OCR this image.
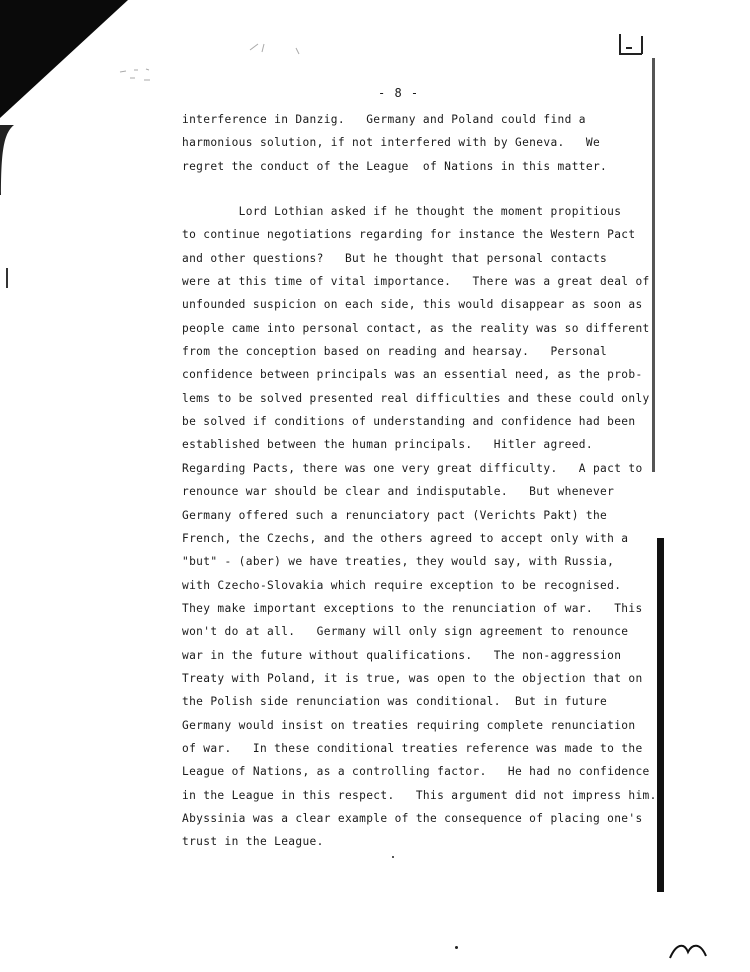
- 8 -
interference in Danzig.   Germany and Poland could find a
harmonious solution, if not interfered with by Geneva.   We
regret the conduct of the League  of Nations in this matter.
Lord Lothian asked if he thought the moment propitious
to continue negotiations regarding for instance the Western Pact
and other questions?   But he thought that personal contacts
were at this time of vital importance.   There was a great deal of
unfounded suspicion on each side, this would disappear as soon as
people came into personal contact, as the reality was so different
from the conception based on reading and hearsay.   Personal
confidence between principals was an essential need, as the prob-
lems to be solved presented real difficulties and these could only
be solved if conditions of understanding and confidence had been
established between the human principals.   Hitler agreed.
Regarding Pacts, there was one very great difficulty.   A pact to
renounce war should be clear and indisputable.   But whenever
Germany offered such a renunciatory pact (Verichts Pakt) the
French, the Czechs, and the others agreed to accept only with a
"but" - (aber) we have treaties, they would say, with Russia,
with Czecho-Slovakia which require exception to be recognised.
They make important exceptions to the renunciation of war.   This
won't do at all.   Germany will only sign agreement to renounce
war in the future without qualifications.   The non-aggression
Treaty with Poland, it is true, was open to the objection that on
the Polish side renunciation was conditional.  But in future
Germany would insist on treaties requiring complete renunciation
of war.   In these conditional treaties reference was made to the
League of Nations, as a controlling factor.   He had no confidence
in the League in this respect.   This argument did not impress him.
Abyssinia was a clear example of the consequence of placing one's
trust in the League.
